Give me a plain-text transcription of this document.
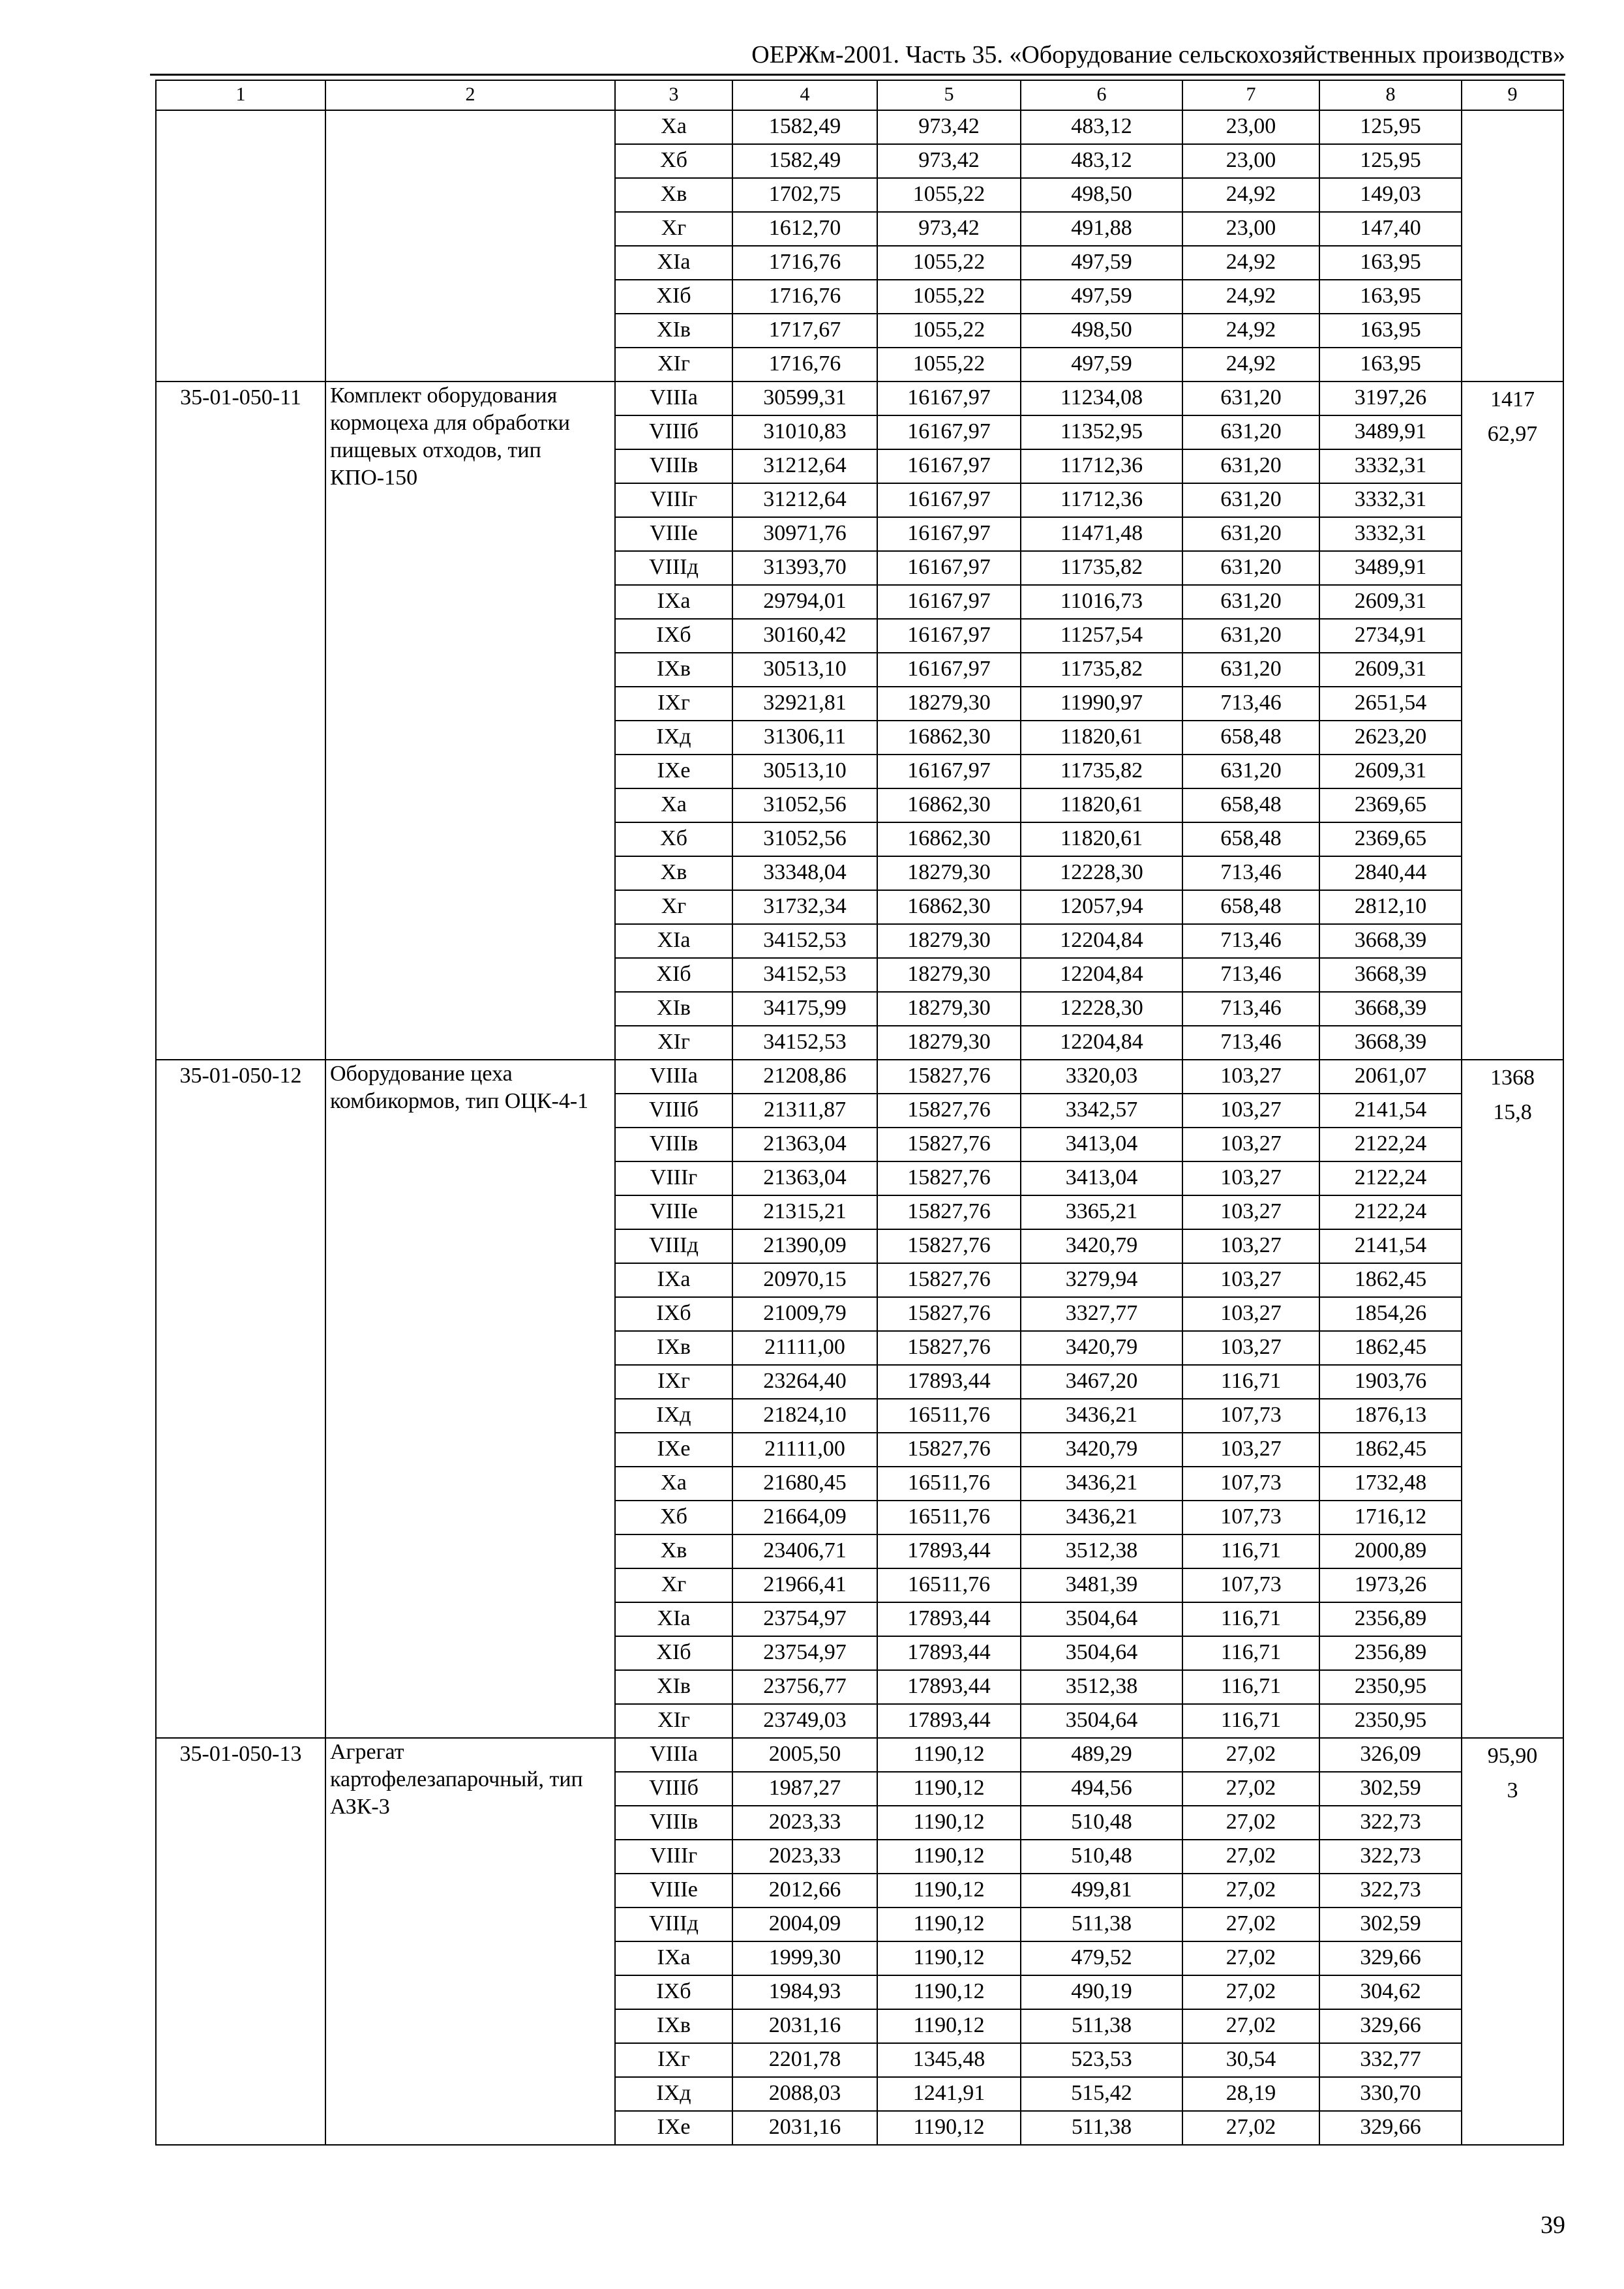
ОЕРЖм-2001. Часть 35. «Оборудование сельскохозяйственных производств»
1	2	3	4	5	6	7	8	9
		Xa	1582,49	973,42	483,12	23,00	125,95	

		Xб	1582,49	973,42	483,12	23,00	125,95	
		Xв	1702,75	1055,22	498,50	24,92	149,03	
		Xг	1612,70	973,42	491,88	23,00	147,40	
		XIa	1716,76	1055,22	497,59	24,92	163,95	
		XIб	1716,76	1055,22	497,59	24,92	163,95	
		XIв	1717,67	1055,22	498,50	24,92	163,95	
		XIг	1716,76	1055,22	497,59	24,92	163,95	
35-01-050-11	Комплект оборудования кормоцеха для обработки пищевых отходов, тип КПО-150	VIIIa	30599,31	16167,97	11234,08	631,20	3197,26	1417
62,97

		VIIIб	31010,83	16167,97	11352,95	631,20	3489,91	
		VIIIв	31212,64	16167,97	11712,36	631,20	3332,31	
		VIIIг	31212,64	16167,97	11712,36	631,20	3332,31	
		VIIIе	30971,76	16167,97	11471,48	631,20	3332,31	
		VIIIд	31393,70	16167,97	11735,82	631,20	3489,91	
		IXa	29794,01	16167,97	11016,73	631,20	2609,31	
		IXб	30160,42	16167,97	11257,54	631,20	2734,91	
		IXв	30513,10	16167,97	11735,82	631,20	2609,31	
		IXг	32921,81	18279,30	11990,97	713,46	2651,54	
		IXд	31306,11	16862,30	11820,61	658,48	2623,20	
		IXе	30513,10	16167,97	11735,82	631,20	2609,31	
		Xa	31052,56	16862,30	11820,61	658,48	2369,65	
		Xб	31052,56	16862,30	11820,61	658,48	2369,65	
		Xв	33348,04	18279,30	12228,30	713,46	2840,44	
		Xг	31732,34	16862,30	12057,94	658,48	2812,10	
		XIa	34152,53	18279,30	12204,84	713,46	3668,39	
		XIб	34152,53	18279,30	12204,84	713,46	3668,39	
		XIв	34175,99	18279,30	12228,30	713,46	3668,39	
		XIг	34152,53	18279,30	12204,84	713,46	3668,39	
35-01-050-12	Оборудование цеха комбикормов, тип ОЦК-4-1	VIIIa	21208,86	15827,76	3320,03	103,27	2061,07	1368
15,8

		VIIIб	21311,87	15827,76	3342,57	103,27	2141,54	
		VIIIв	21363,04	15827,76	3413,04	103,27	2122,24	
		VIIIг	21363,04	15827,76	3413,04	103,27	2122,24	
		VIIIе	21315,21	15827,76	3365,21	103,27	2122,24	
		VIIIд	21390,09	15827,76	3420,79	103,27	2141,54	
		IXa	20970,15	15827,76	3279,94	103,27	1862,45	
		IXб	21009,79	15827,76	3327,77	103,27	1854,26	
		IXв	21111,00	15827,76	3420,79	103,27	1862,45	
		IXг	23264,40	17893,44	3467,20	116,71	1903,76	
		IXд	21824,10	16511,76	3436,21	107,73	1876,13	
		IXе	21111,00	15827,76	3420,79	103,27	1862,45	
		Xa	21680,45	16511,76	3436,21	107,73	1732,48	
		Xб	21664,09	16511,76	3436,21	107,73	1716,12	
		Xв	23406,71	17893,44	3512,38	116,71	2000,89	
		Xг	21966,41	16511,76	3481,39	107,73	1973,26	
		XIa	23754,97	17893,44	3504,64	116,71	2356,89	
		XIб	23754,97	17893,44	3504,64	116,71	2356,89	
		XIв	23756,77	17893,44	3512,38	116,71	2350,95	
		XIг	23749,03	17893,44	3504,64	116,71	2350,95	
35-01-050-13	Агрегат картофелезапарочный, тип АЗК-3	VIIIa	2005,50	1190,12	489,29	27,02	326,09	95,90
3

		VIIIб	1987,27	1190,12	494,56	27,02	302,59	
		VIIIв	2023,33	1190,12	510,48	27,02	322,73	
		VIIIг	2023,33	1190,12	510,48	27,02	322,73	
		VIIIе	2012,66	1190,12	499,81	27,02	322,73	
		VIIIд	2004,09	1190,12	511,38	27,02	302,59	
		IXa	1999,30	1190,12	479,52	27,02	329,66	
		IXб	1984,93	1190,12	490,19	27,02	304,62	
		IXв	2031,16	1190,12	511,38	27,02	329,66	
		IXг	2201,78	1345,48	523,53	30,54	332,77	
		IXд	2088,03	1241,91	515,42	28,19	330,70	
		IXе	2031,16	1190,12	511,38	27,02	329,66	
39
